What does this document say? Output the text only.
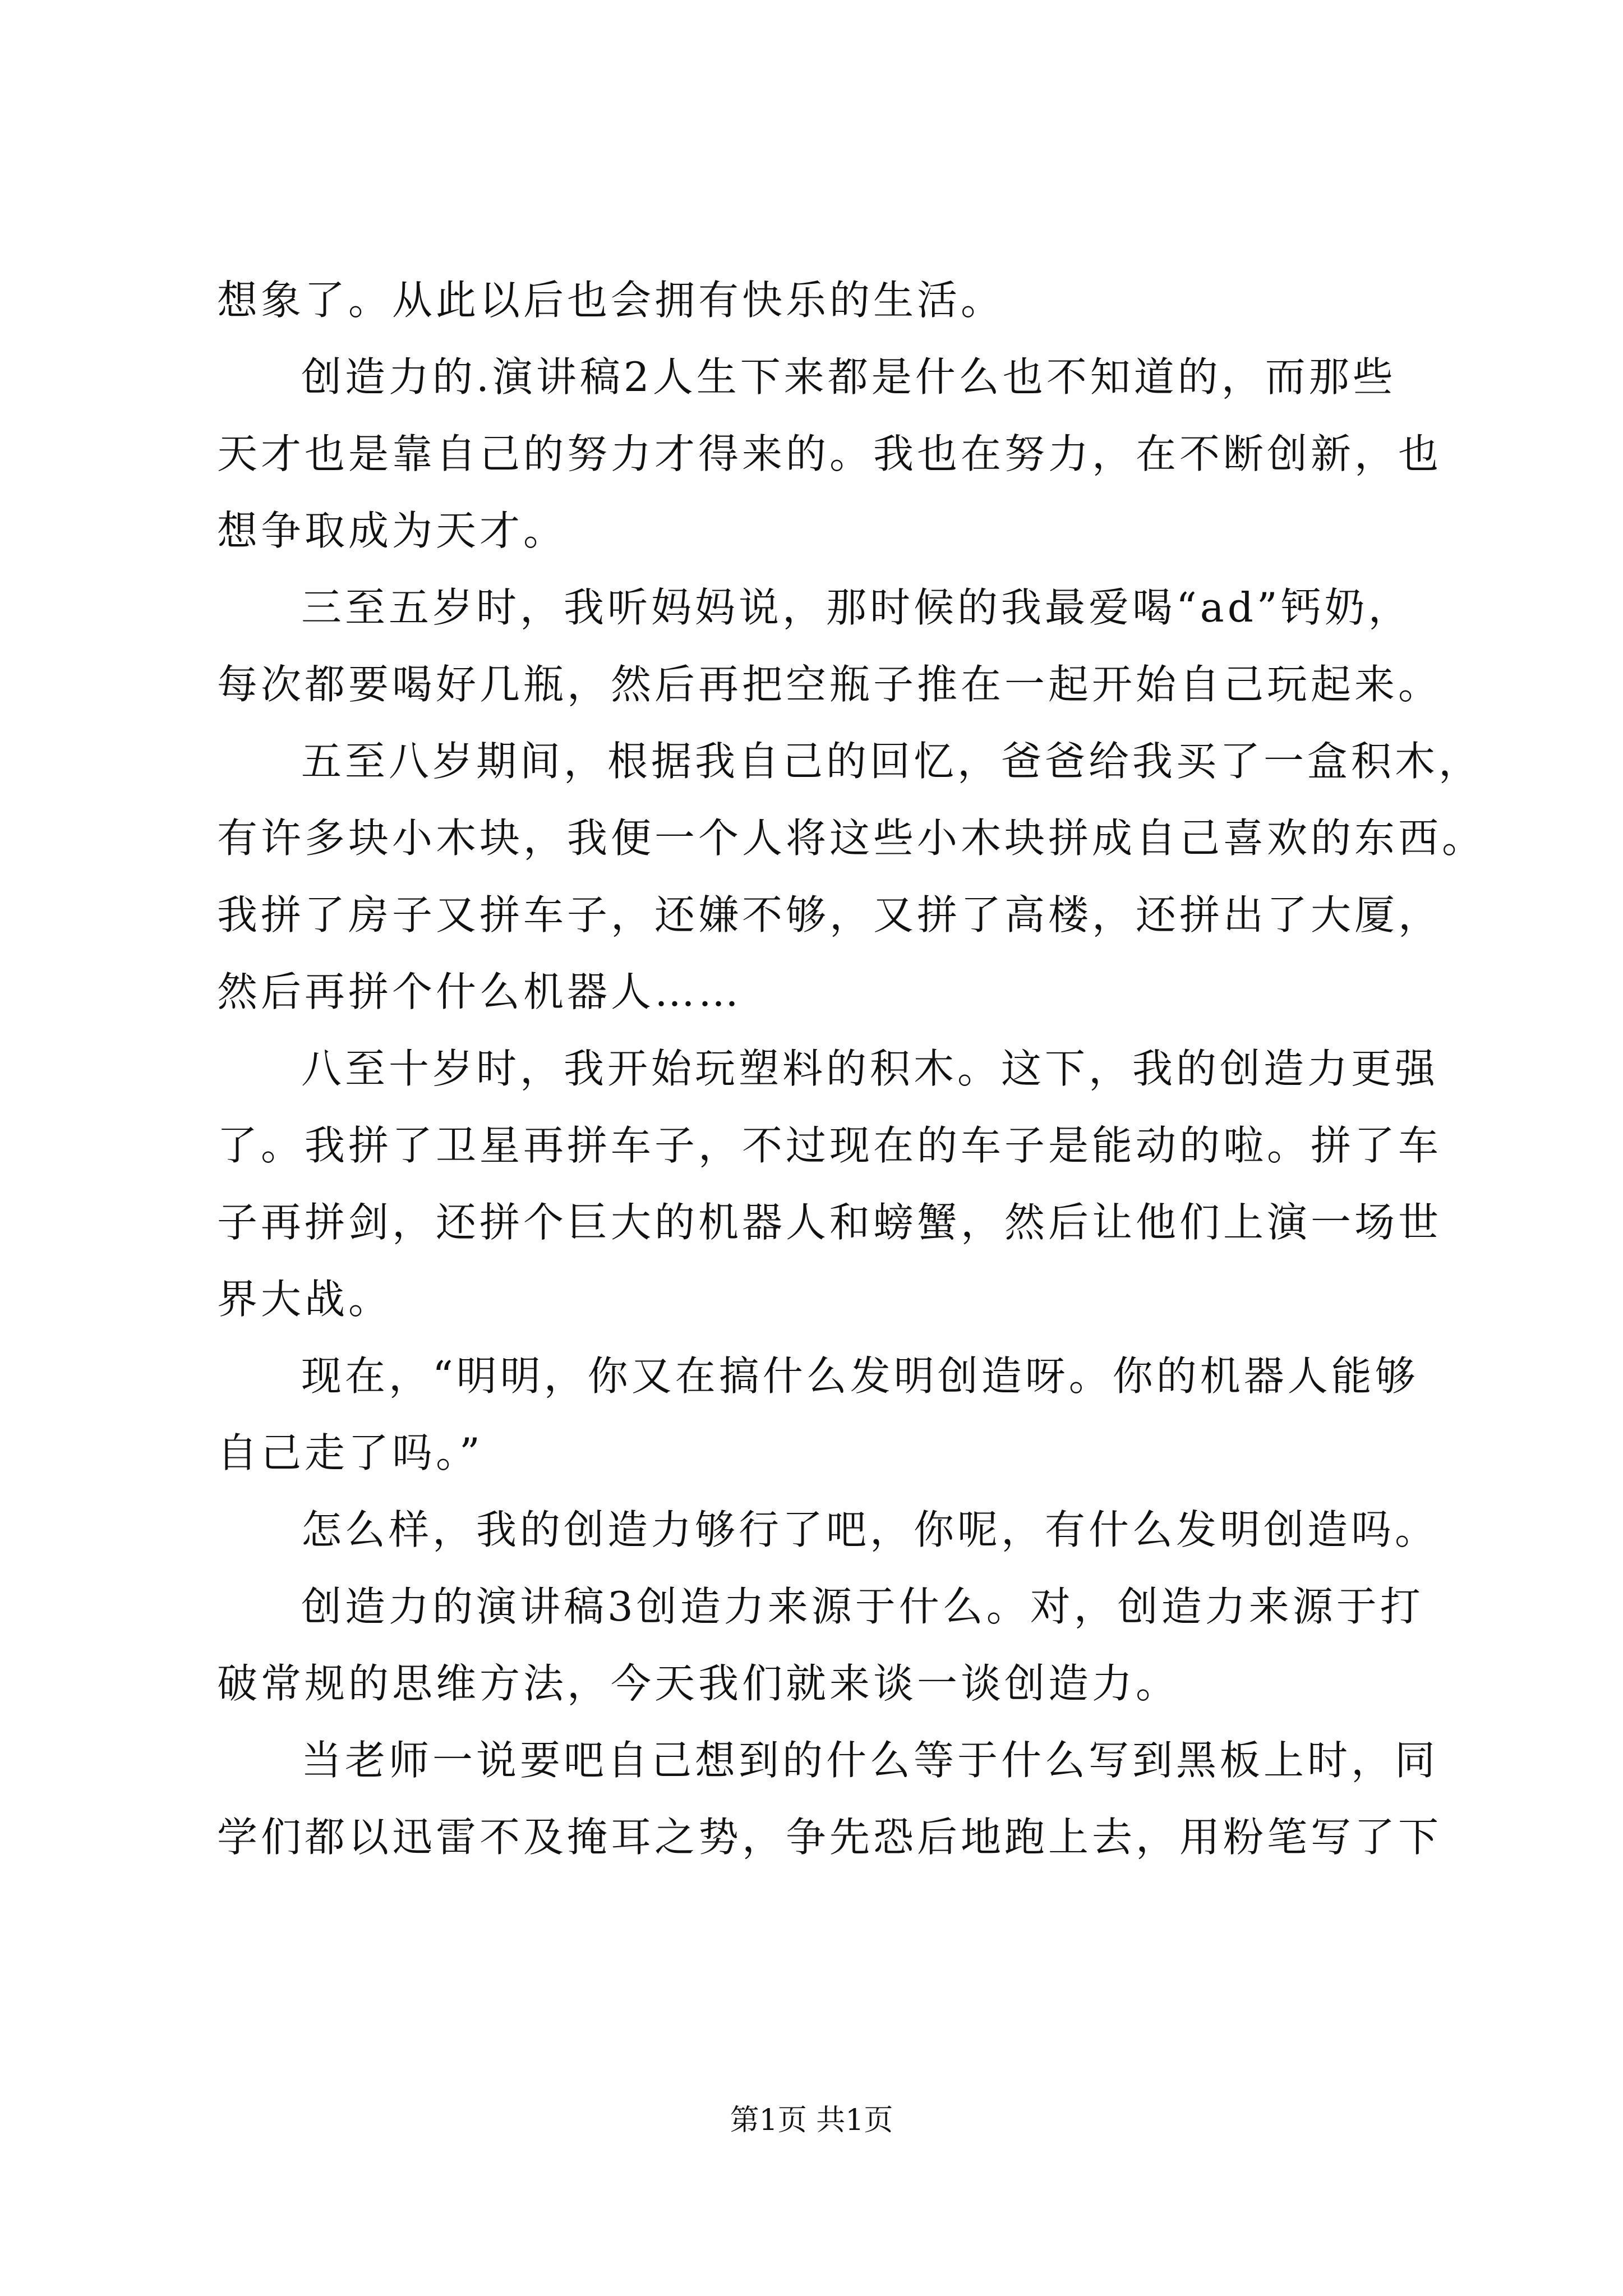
想象了。从此以后也会拥有快乐的生活。
创造力的.演讲稿2人生下来都是什么也不知道的，而那些
天才也是靠自己的努力才得来的。我也在努力，在不断创新，也
想争取成为天才。
三至五岁时，我听妈妈说，那时候的我最爱喝“ad”钙奶，
每次都要喝好几瓶，然后再把空瓶子推在一起开始自己玩起来。
五至八岁期间，根据我自己的回忆，爸爸给我买了一盒积木，
有许多块小木块，我便一个人将这些小木块拼成自己喜欢的东西。
我拼了房子又拼车子，还嫌不够，又拼了高楼，还拼出了大厦，
然后再拼个什么机器人……
八至十岁时，我开始玩塑料的积木。这下，我的创造力更强
了。我拼了卫星再拼车子，不过现在的车子是能动的啦。拼了车
子再拼剑，还拼个巨大的机器人和螃蟹，然后让他们上演一场世
界大战。
现在，“明明，你又在搞什么发明创造呀。你的机器人能够
自己走了吗。”
怎么样，我的创造力够行了吧，你呢，有什么发明创造吗。
创造力的演讲稿3创造力来源于什么。对，创造力来源于打
破常规的思维方法，今天我们就来谈一谈创造力。
当老师一说要吧自己想到的什么等于什么写到黑板上时，同
学们都以迅雷不及掩耳之势，争先恐后地跑上去，用粉笔写了下
第1页 共1页
